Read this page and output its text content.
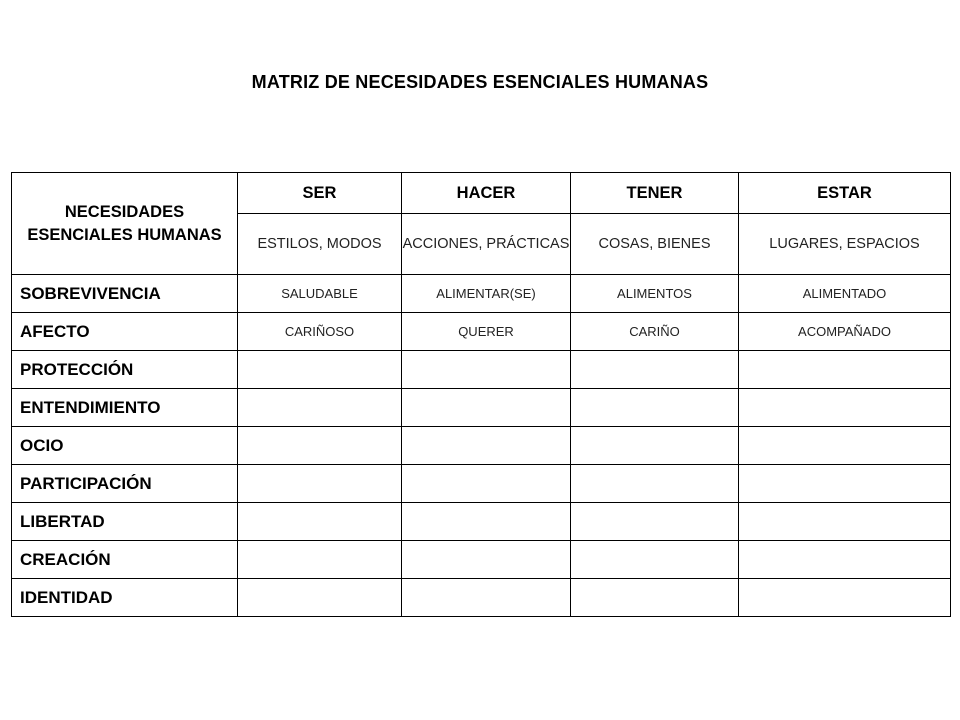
MATRIZ DE NECESIDADES ESENCIALES HUMANAS
NECESIDADES ESENCIALES HUMANAS	SER	HACER	TENER	ESTAR
	ESTILOS, MODOS	ACCIONES, PRÁCTICAS	COSAS, BIENES	LUGARES, ESPACIOS
SOBREVIVENCIA	SALUDABLE	ALIMENTAR(SE)	ALIMENTOS	ALIMENTADO
AFECTO	CARIÑOSO	QUERER	CARIÑO	ACOMPAÑADO
PROTECCIÓN				
ENTENDIMIENTO				
OCIO				
PARTICIPACIÓN				
LIBERTAD				
CREACIÓN				
IDENTIDAD				
